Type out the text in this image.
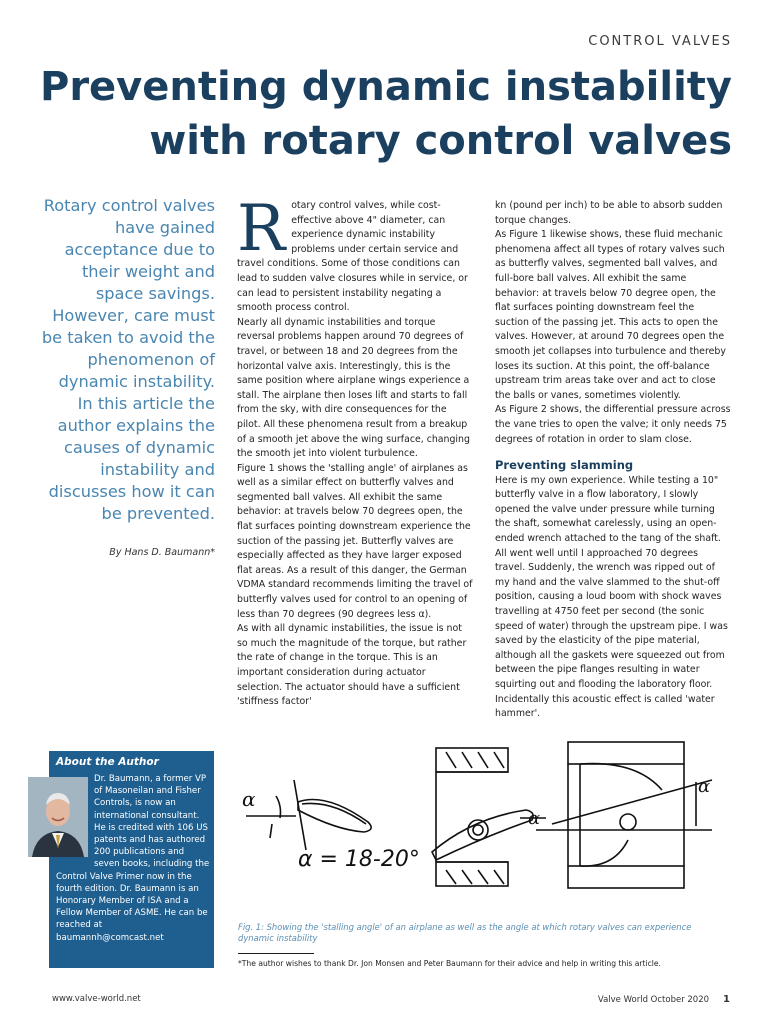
CONTROL VALVES
Preventing dynamic instability
with rotary control valves
Rotary control valves have gained acceptance due to their weight and space savings. However, care must be taken to avoid the phenomenon of dynamic instability. In this article the author explains the causes of dynamic instability and discusses how it can be prevented.
By Hans D. Baumann*
R otary control valves, while cost-effective above 4" diameter, can experience dynamic instability problems under certain service and travel conditions. Some of those conditions can lead to sudden valve closures while in service, or can lead to persistent instability negating a smooth process control.

Nearly all dynamic instabilities and torque reversal problems happen around 70 degrees of travel, or between 18 and 20 degrees from the horizontal valve axis. Interestingly, this is the same position where airplane wings experience a stall. The airplane then loses lift and starts to fall from the sky, with dire consequences for the pilot. All these phenomena result from a breakup of a smooth jet above the wing surface, changing the smooth jet into violent turbulence.

Figure 1 shows the 'stalling angle' of airplanes as well as a similar effect on butterfly valves and segmented ball valves. All exhibit the same behavior: at travels below 70 degrees open, the flat surfaces pointing downstream experience the suction of the passing jet. Butterfly valves are especially affected as they have larger exposed flat areas. As a result of this danger, the German VDMA standard recommends limiting the travel of butterfly valves used for control to an opening of less than 70 degrees (90 degrees less α).

As with all dynamic instabilities, the issue is not so much the magnitude of the torque, but rather the rate of change in the torque. This is an important consideration during actuator selection. The actuator should have a sufficient 'stiffness factor'

kn (pound per inch) to be able to absorb sudden torque changes.

As Figure 1 likewise shows, these fluid mechanic phenomena affect all types of rotary valves such as butterfly valves, segmented ball valves, and full-bore ball valves. All exhibit the same behavior: at travels below 70 degree open, the flat surfaces pointing downstream feel the suction of the passing jet. This acts to open the valves. However, at around 70 degrees open the smooth jet collapses into turbulence and thereby loses its suction. At this point, the off-balance upstream trim areas take over and act to close the balls or vanes, sometimes violently.

As Figure 2 shows, the differential pressure across the vane tries to open the valve; it only needs 75 degrees of rotation in order to slam close.

Preventing slamming

Here is my own experience. While testing a 10" butterfly valve in a flow laboratory, I slowly opened the valve under pressure while turning the shaft, somewhat carelessly, using an open-ended wrench attached to the tang of the shaft. All went well until I approached 70 degrees travel. Suddenly, the wrench was ripped out of my hand and the valve slammed to the shut-off position, causing a loud boom with shock waves travelling at 4750 feet per second (the sonic speed of water) through the upstream pipe. I was saved by the elasticity of the pipe material, although all the gaskets were squeezed out from between the pipe flanges resulting in water squirting out and flooding the laboratory floor. Incidentally this acoustic effect is called 'water hammer'.

About the Author
Dr. Baumann, a former VP of Masoneilan and Fisher Controls, is now an international consultant. He is credited with 106 US patents and has authored 200 publications and seven books, including the Control Valve Primer now in the fourth edition. Dr. Baumann is an Honorary Member of ISA and a Fellow Member of ASME. He can be reached at baumannh@comcast.net
α
α = 18-20°
α
α
Fig. 1: Showing the 'stalling angle' of an airplane as well as the angle at which rotary valves can experience dynamic instability
*The author wishes to thank Dr. Jon Monsen and Peter Baumann for their advice and help in writing this article.
www.valve-world.net	Valve World October 2020 1
